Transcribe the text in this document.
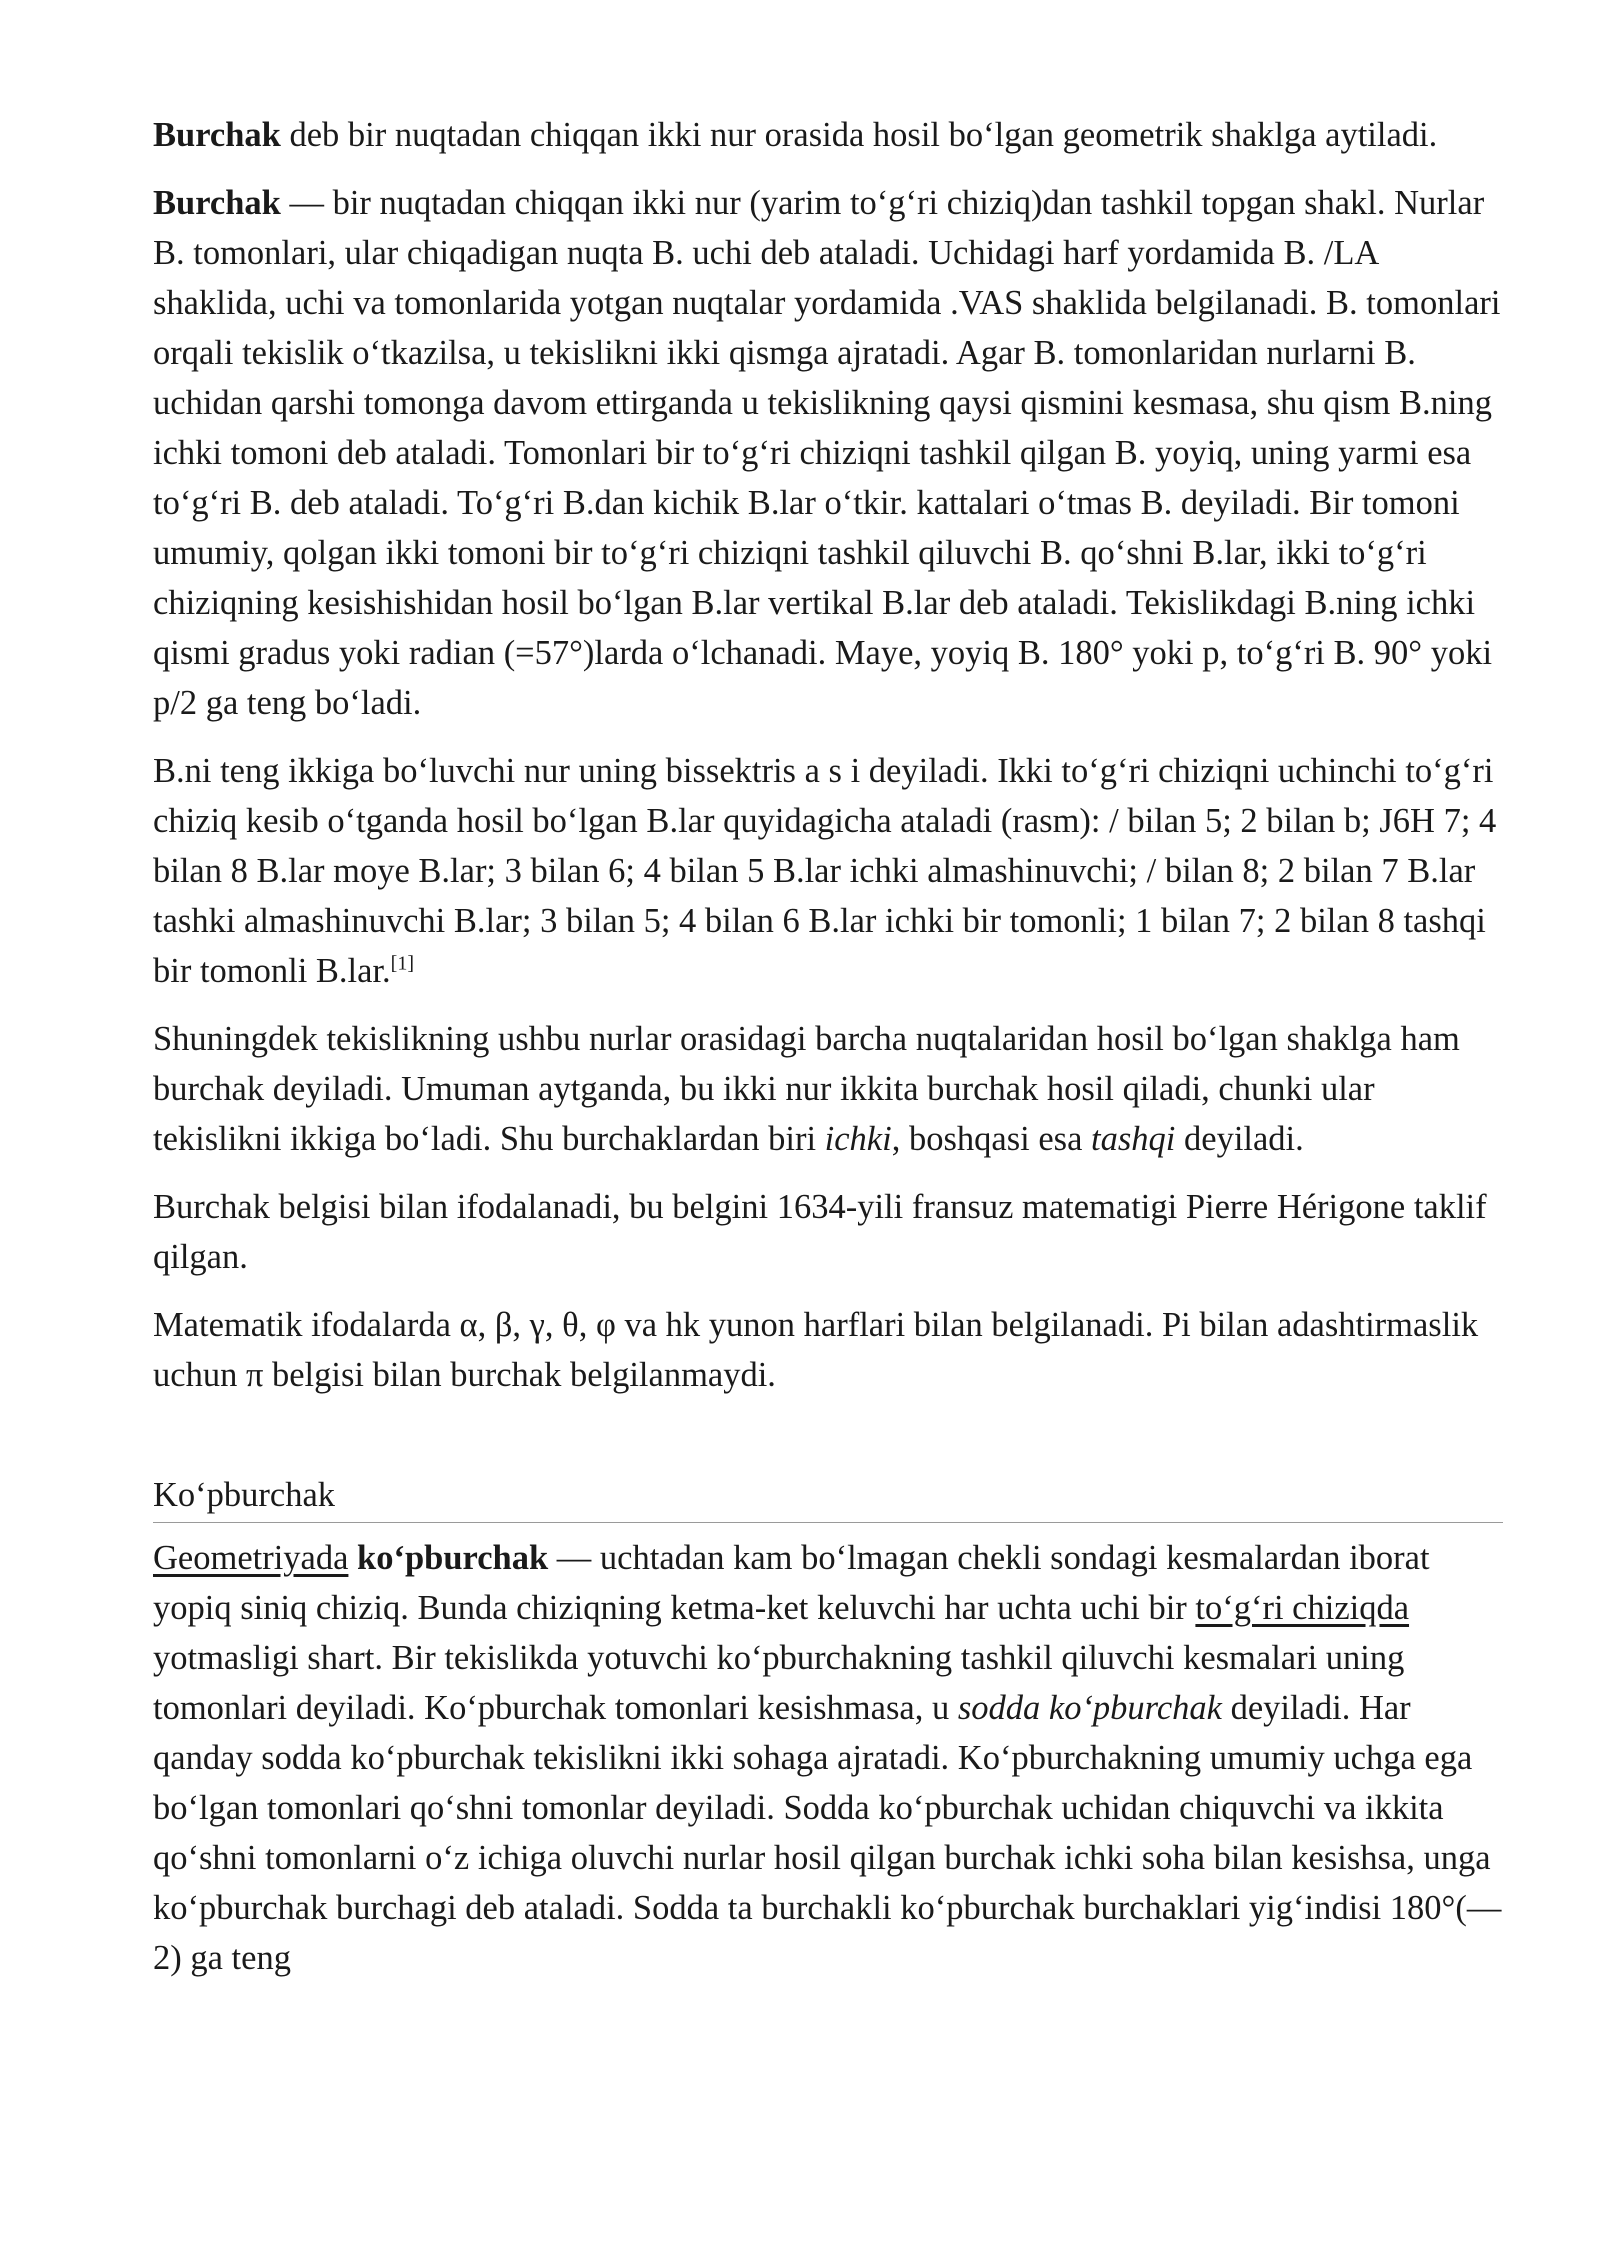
Burchak deb bir nuqtadan chiqqan ikki nur orasida hosil bo‘lgan geometrik shaklga aytiladi.

Burchak — bir nuqtadan chiqqan ikki nur (yarim to‘g‘ri chiziq)dan tashkil topgan shakl. Nurlar B. tomonlari, ular chiqadigan nuqta B. uchi deb ataladi. Uchidagi harf yordamida B. /LA shaklida, uchi va tomonlarida yotgan nuqtalar yordamida .VAS shaklida belgilanadi. B. tomonlari orqali tekislik o‘tkazilsa, u tekislikni ikki qismga ajratadi. Agar B. tomonlaridan nurlarni B. uchidan qarshi tomonga davom ettirganda u tekislikning qaysi qismini kesmasa, shu qism B.ning ichki tomoni deb ataladi. Tomonlari bir to‘g‘ri chiziqni tashkil qilgan B. yoyiq, uning yarmi esa to‘g‘ri B. deb ataladi. To‘g‘ri B.dan kichik B.lar o‘tkir. kattalari o‘tmas B. deyiladi. Bir tomoni umumiy, qolgan ikki tomoni bir to‘g‘ri chiziqni tashkil qiluvchi B. qo‘shni B.lar, ikki to‘g‘ri chiziqning kesishishidan hosil bo‘lgan B.lar vertikal B.lar deb ataladi. Tekislikdagi B.ning ichki qismi gradus yoki radian (=57°)larda o‘lchanadi. Maye, yoyiq B. 180° yoki p, to‘g‘ri B. 90° yoki p/2 ga teng bo‘ladi.

B.ni teng ikkiga bo‘luvchi nur uning bissektris a s i deyiladi. Ikki to‘g‘ri chiziqni uchinchi to‘g‘ri chiziq kesib o‘tganda hosil bo‘lgan B.lar quyidagicha ataladi (rasm): / bilan 5; 2 bilan b; J6H 7; 4 bilan 8 B.lar moye B.lar; 3 bilan 6; 4 bilan 5 B.lar ichki almashinuvchi; / bilan 8; 2 bilan 7 B.lar tashki almashinuvchi B.lar; 3 bilan 5; 4 bilan 6 B.lar ichki bir tomonli; 1 bilan 7; 2 bilan 8 tashqi bir tomonli B.lar.[1]

Shuningdek tekislikning ushbu nurlar orasidagi barcha nuqtalaridan hosil bo‘lgan shaklga ham burchak deyiladi. Umuman aytganda, bu ikki nur ikkita burchak hosil qiladi, chunki ular tekislikni ikkiga bo‘ladi. Shu burchaklardan biri ichki, boshqasi esa tashqi deyiladi.

Burchak belgisi bilan ifodalanadi, bu belgini 1634-yili fransuz matematigi Pierre Hérigone taklif qilgan.

Matematik ifodalarda α, β, γ, θ, φ va hk yunon harflari bilan belgilanadi. Pi bilan adashtirmaslik uchun π belgisi bilan burchak belgilanmaydi.

Ko‘pburchak

Geometriyada ko‘pburchak — uchtadan kam bo‘lmagan chekli sondagi kesmalardan iborat yopiq siniq chiziq. Bunda chiziqning ketma-ket keluvchi har uchta uchi bir to‘g‘ri chiziqda yotmasligi shart. Bir tekislikda yotuvchi ko‘pburchakning tashkil qiluvchi kesmalari uning tomonlari deyiladi. Ko‘pburchak tomonlari kesishmasa, u sodda ko‘pburchak deyiladi. Har qanday sodda ko‘pburchak tekislikni ikki sohaga ajratadi. Ko‘pburchakning umumiy uchga ega bo‘lgan tomonlari qo‘shni tomonlar deyiladi. Sodda ko‘pburchak uchidan chiquvchi va ikkita qo‘shni tomonlarni o‘z ichiga oluvchi nurlar hosil qilgan burchak ichki soha bilan kesishsa, unga ko‘pburchak burchagi deb ataladi. Sodda ta burchakli ko‘pburchak burchaklari yig‘indisi 180°(—2) ga teng
